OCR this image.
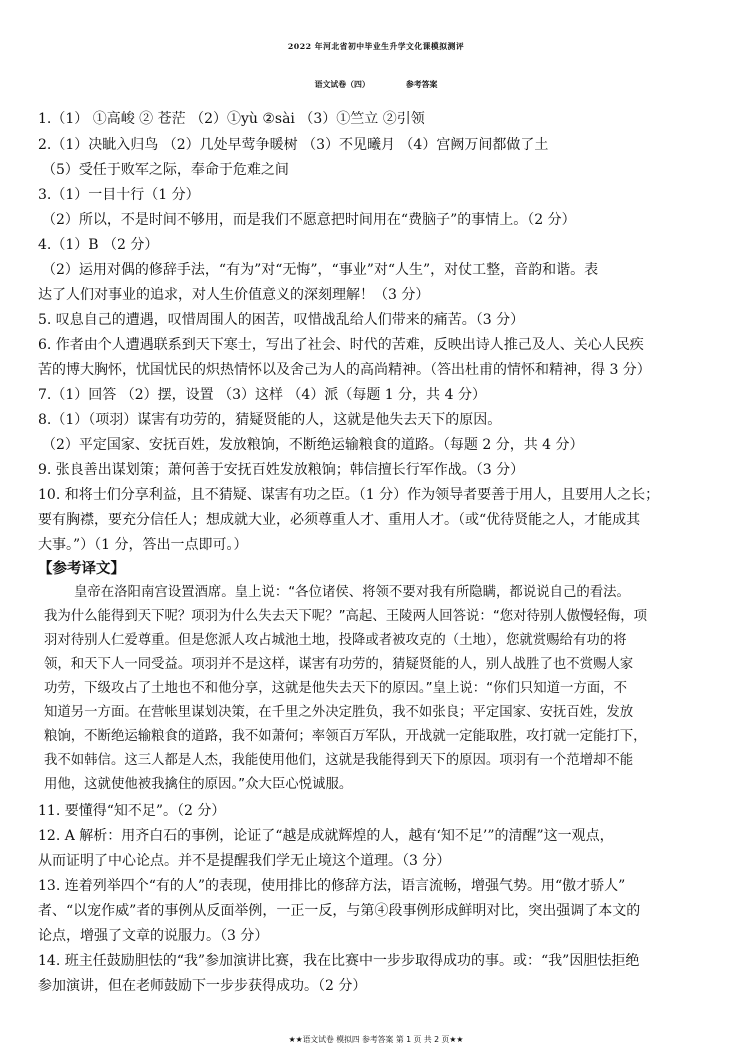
2022 年河北省初中毕业生升学文化课模拟测评
语文试卷（四）	参考答案
1.（1） ①高峻 ② 苍茫 （2）①yù ②sài （3）①竺立 ②引领
2.（1）决眦入归鸟 （2）几处早莺争暖树 （3）不见曦月 （4）宫阙万间都做了土
（5）受任于败军之际，奉命于危难之间
3.（1）一目十行（1 分）
（2）所以，不是时间不够用，而是我们不愿意把时间用在“费脑子”的事情上。（2 分）
4.（1）B （2 分）
（2）运用对偶的修辞手法，“有为”对“无悔”，“事业”对“人生”，对仗工整，音韵和谐。表
达了人们对事业的追求，对人生价值意义的深刻理解！（3 分）
5. 叹息自己的遭遇，叹惜周围人的困苦，叹惜战乱给人们带来的痛苦。（3 分）
6. 作者由个人遭遇联系到天下寒士，写出了社会、时代的苦难，反映出诗人推己及人、关心人民疾
苦的博大胸怀，忧国忧民的炽热情怀以及舍己为人的高尚精神。（答出杜甫的情怀和精神，得 3 分）
7.（1）回答 （2）摆，设置 （3）这样 （4）派（每题 1 分，共 4 分）
8.（1）（项羽）谋害有功劳的，猜疑贤能的人，这就是他失去天下的原因。
（2）平定国家、安抚百姓，发放粮饷，不断绝运输粮食的道路。（每题 2 分，共 4 分）
9. 张良善出谋划策；萧何善于安抚百姓发放粮饷；韩信擅长行军作战。（3 分）
10. 和将士们分享利益，且不猜疑、谋害有功之臣。（1 分）作为领导者要善于用人，且要用人之长；
要有胸襟，要充分信任人；想成就大业，必须尊重人才、重用人才。（或“优待贤能之人，才能成其
大事。”）（1 分，答出一点即可。）
【参考译文】
皇帝在洛阳南宫设置酒席。皇上说：“各位诸侯、将领不要对我有所隐瞒，都说说自己的看法。
我为什么能得到天下呢？项羽为什么失去天下呢？”高起、王陵两人回答说：“您对待别人傲慢轻侮，项
羽对待别人仁爱尊重。但是您派人攻占城池土地，投降或者被攻克的（土地），您就赏赐给有功的将
领，和天下人一同受益。项羽并不是这样，谋害有功劳的，猜疑贤能的人，别人战胜了也不赏赐人家
功劳，下级攻占了土地也不和他分享，这就是他失去天下的原因。”皇上说：“你们只知道一方面，不
知道另一方面。在营帐里谋划决策，在千里之外决定胜负，我不如张良；平定国家、安抚百姓，发放
粮饷，不断绝运输粮食的道路，我不如萧何；率领百万军队，开战就一定能取胜，攻打就一定能打下，
我不如韩信。这三人都是人杰，我能使用他们，这就是我能得到天下的原因。项羽有一个范增却不能
用他，这就使他被我擒住的原因。”众大臣心悦诚服。
11. 要懂得“知不足”。（2 分）
12. A 解析：用齐白石的事例，论证了“越是成就辉煌的人，越有‘知不足’”的清醒”这一观点，
从而证明了中心论点。并不是提醒我们学无止境这个道理。（3 分）
13. 连着列举四个“有的人”的表现，使用排比的修辞方法，语言流畅，增强气势。用“傲才骄人”
者、“以宠作威”者的事例从反面举例，一正一反，与第④段事例形成鲜明对比，突出强调了本文的
论点，增强了文章的说服力。（3 分）
14. 班主任鼓励胆怯的“我”参加演讲比赛，我在比赛中一步步取得成功的事。或：“我”因胆怯拒绝
参加演讲，但在老师鼓励下一步步获得成功。（2 分）
★★语文试卷 模拟四 参考答案 第 1 页 共 2 页★★
